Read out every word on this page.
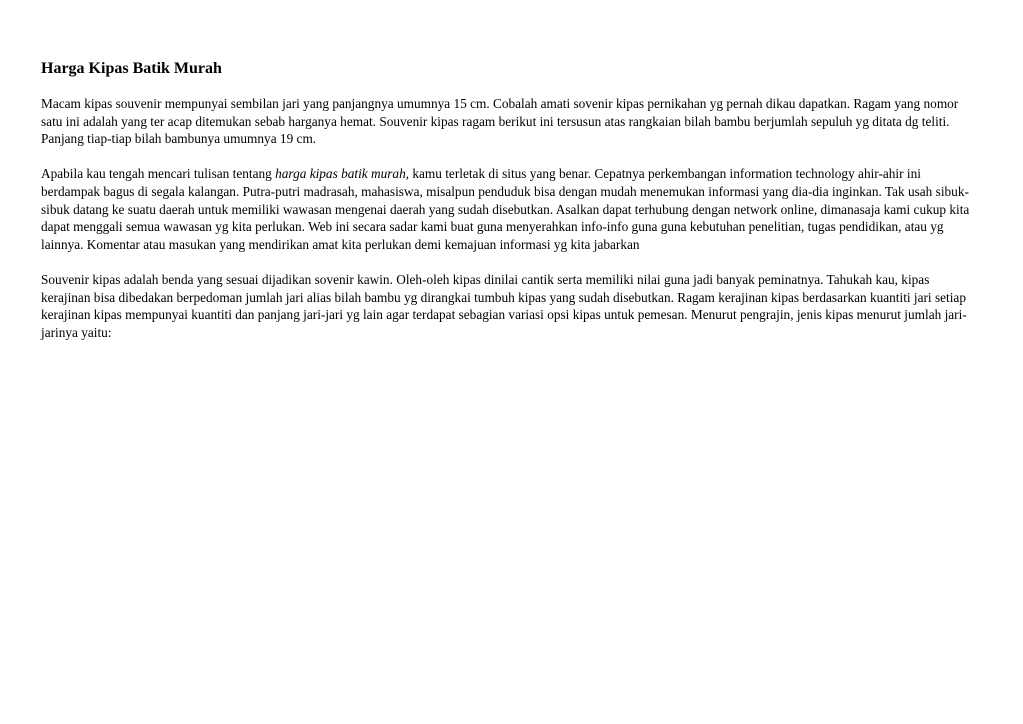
Harga Kipas Batik Murah

Macam kipas souvenir mempunyai sembilan jari yang panjangnya umumnya 15 cm. Cobalah amati sovenir kipas pernikahan yg pernah dikau dapatkan. Ragam yang nomor satu ini adalah yang ter acap ditemukan sebab harganya hemat. Souvenir kipas ragam berikut ini tersusun atas rangkaian bilah bambu berjumlah sepuluh yg ditata dg teliti. Panjang tiap-tiap bilah bambunya umumnya 19 cm.

Apabila kau tengah mencari tulisan tentang harga kipas batik murah, kamu terletak di situs yang benar. Cepatnya perkembangan information technology ahir-ahir ini berdampak bagus di segala kalangan. Putra-putri madrasah, mahasiswa, misalpun penduduk bisa dengan mudah menemukan informasi yang dia-dia inginkan. Tak usah sibuk-sibuk datang ke suatu daerah untuk memiliki wawasan mengenai daerah yang sudah disebutkan. Asalkan dapat terhubung dengan network online, dimanasaja kami cukup kita dapat menggali semua wawasan yg kita perlukan. Web ini secara sadar kami buat guna menyerahkan info-info guna guna kebutuhan penelitian, tugas pendidikan, atau yg lainnya. Komentar atau masukan yang mendirikan amat kita perlukan demi kemajuan informasi yg kita jabarkan

Souvenir kipas adalah benda yang sesuai dijadikan sovenir kawin. Oleh-oleh kipas dinilai cantik serta memiliki nilai guna jadi banyak peminatnya. Tahukah kau, kipas kerajinan bisa dibedakan berpedoman jumlah jari alias bilah bambu yg dirangkai tumbuh kipas yang sudah disebutkan. Ragam kerajinan kipas berdasarkan kuantiti jari setiap kerajinan kipas mempunyai kuantiti dan panjang jari-jari yg lain agar terdapat sebagian variasi opsi kipas untuk pemesan. Menurut pengrajin, jenis kipas menurut jumlah jari-jarinya yaitu:
